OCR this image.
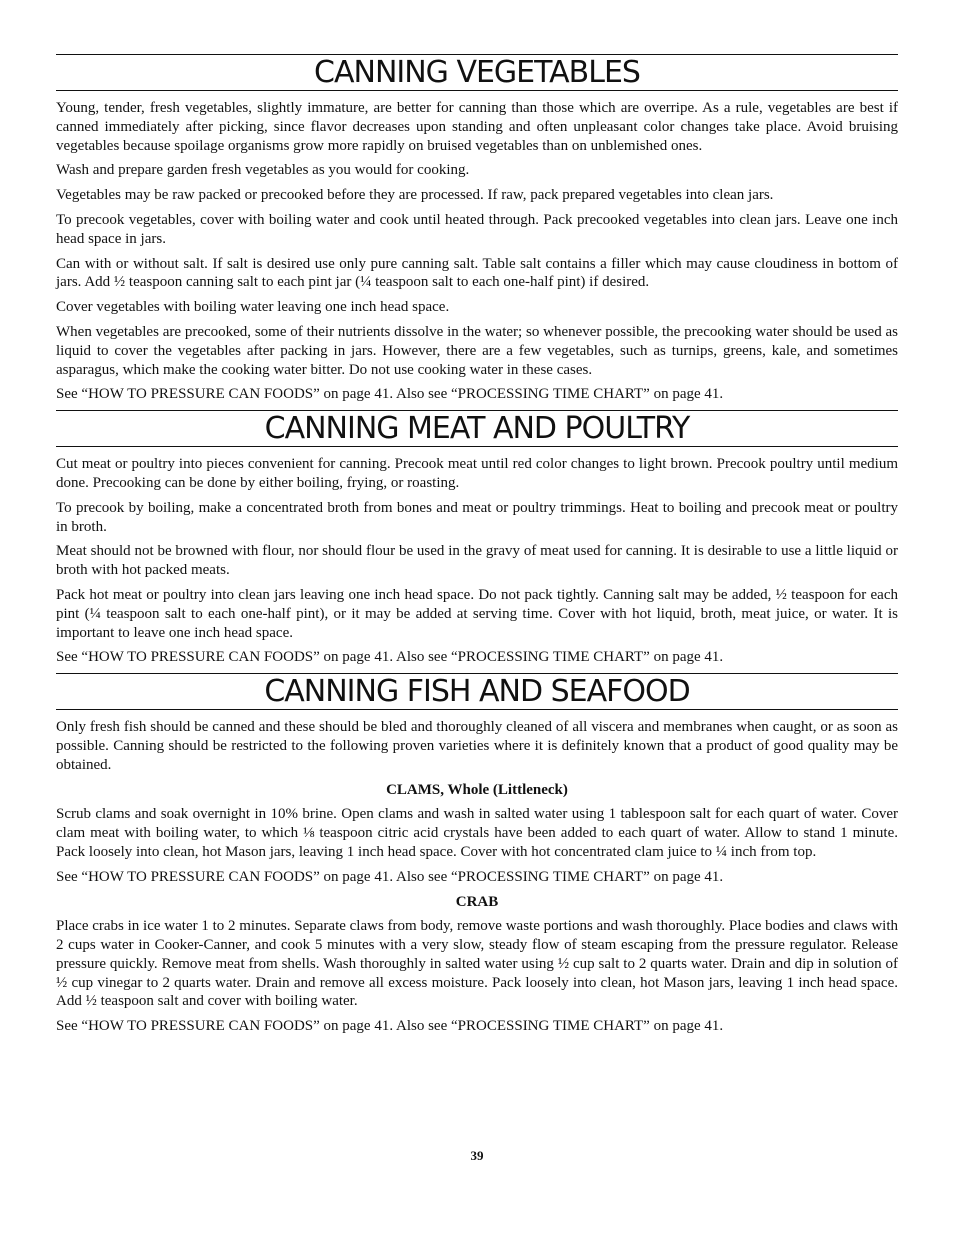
CANNING VEGETABLES

Young, tender, fresh vegetables, slightly immature, are better for canning than those which are overripe. As a rule, vegetables are best if canned immediately after picking, since flavor decreases upon standing and often unpleasant color changes take place. Avoid bruising vegetables because spoilage organisms grow more rapidly on bruised vegetables than on unblemished ones.

Wash and prepare garden fresh vegetables as you would for cooking.

Vegetables may be raw packed or precooked before they are processed. If raw, pack prepared vegetables into clean jars.

To precook vegetables, cover with boiling water and cook until heated through. Pack precooked vegetables into clean jars. Leave one inch head space in jars.

Can with or without salt. If salt is desired use only pure canning salt. Table salt contains a filler which may cause cloudiness in bottom of jars. Add ½ teaspoon canning salt to each pint jar (¼ teaspoon salt to each one-half pint) if desired.

Cover vegetables with boiling water leaving one inch head space.

When vegetables are precooked, some of their nutrients dissolve in the water; so whenever possible, the precooking water should be used as liquid to cover the vegetables after packing in jars. However, there are a few vegetables, such as turnips, greens, kale, and sometimes asparagus, which make the cooking water bitter. Do not use cooking water in these cases.

See “HOW TO PRESSURE CAN FOODS” on page 41. Also see “PROCESSING TIME CHART” on page 41.

CANNING MEAT AND POULTRY

Cut meat or poultry into pieces convenient for canning. Precook meat until red color changes to light brown. Precook poultry until medium done. Precooking can be done by either boiling, frying, or roasting.

To precook by boiling, make a concentrated broth from bones and meat or poultry trimmings. Heat to boiling and precook meat or poultry in broth.

Meat should not be browned with flour, nor should flour be used in the gravy of meat used for canning. It is desirable to use a little liquid or broth with hot packed meats.

Pack hot meat or poultry into clean jars leaving one inch head space. Do not pack tightly. Canning salt may be added, ½ teaspoon for each pint (¼ teaspoon salt to each one-half pint), or it may be added at serving time. Cover with hot liquid, broth, meat juice, or water. It is important to leave one inch head space.

See “HOW TO PRESSURE CAN FOODS” on page 41. Also see “PROCESSING TIME CHART” on page 41.

CANNING FISH AND SEAFOOD

Only fresh fish should be canned and these should be bled and thoroughly cleaned of all viscera and membranes when caught, or as soon as possible. Canning should be restricted to the following proven varieties where it is definitely known that a product of good quality may be obtained.

CLAMS, Whole (Littleneck)

Scrub clams and soak overnight in 10% brine. Open clams and wash in salted water using 1 tablespoon salt for each quart of water. Cover clam meat with boiling water, to which ⅛ teaspoon citric acid crystals have been added to each quart of water. Allow to stand 1 minute. Pack loosely into clean, hot Mason jars, leaving 1 inch head space. Cover with hot concentrated clam juice to ¼ inch from top.

See “HOW TO PRESSURE CAN FOODS” on page 41. Also see “PROCESSING TIME CHART” on page 41.

CRAB

Place crabs in ice water 1 to 2 minutes. Separate claws from body, remove waste portions and wash thoroughly. Place bodies and claws with 2 cups water in Cooker-Canner, and cook 5 minutes with a very slow, steady flow of steam escaping from the pressure regulator. Release pressure quickly. Remove meat from shells. Wash thoroughly in salted water using ½ cup salt to 2 quarts water. Drain and dip in solution of ½ cup vinegar to 2 quarts water. Drain and remove all excess moisture. Pack loosely into clean, hot Mason jars, leaving 1 inch head space. Add ½ teaspoon salt and cover with boiling water.

See “HOW TO PRESSURE CAN FOODS” on page 41. Also see “PROCESSING TIME CHART” on page 41.

39
